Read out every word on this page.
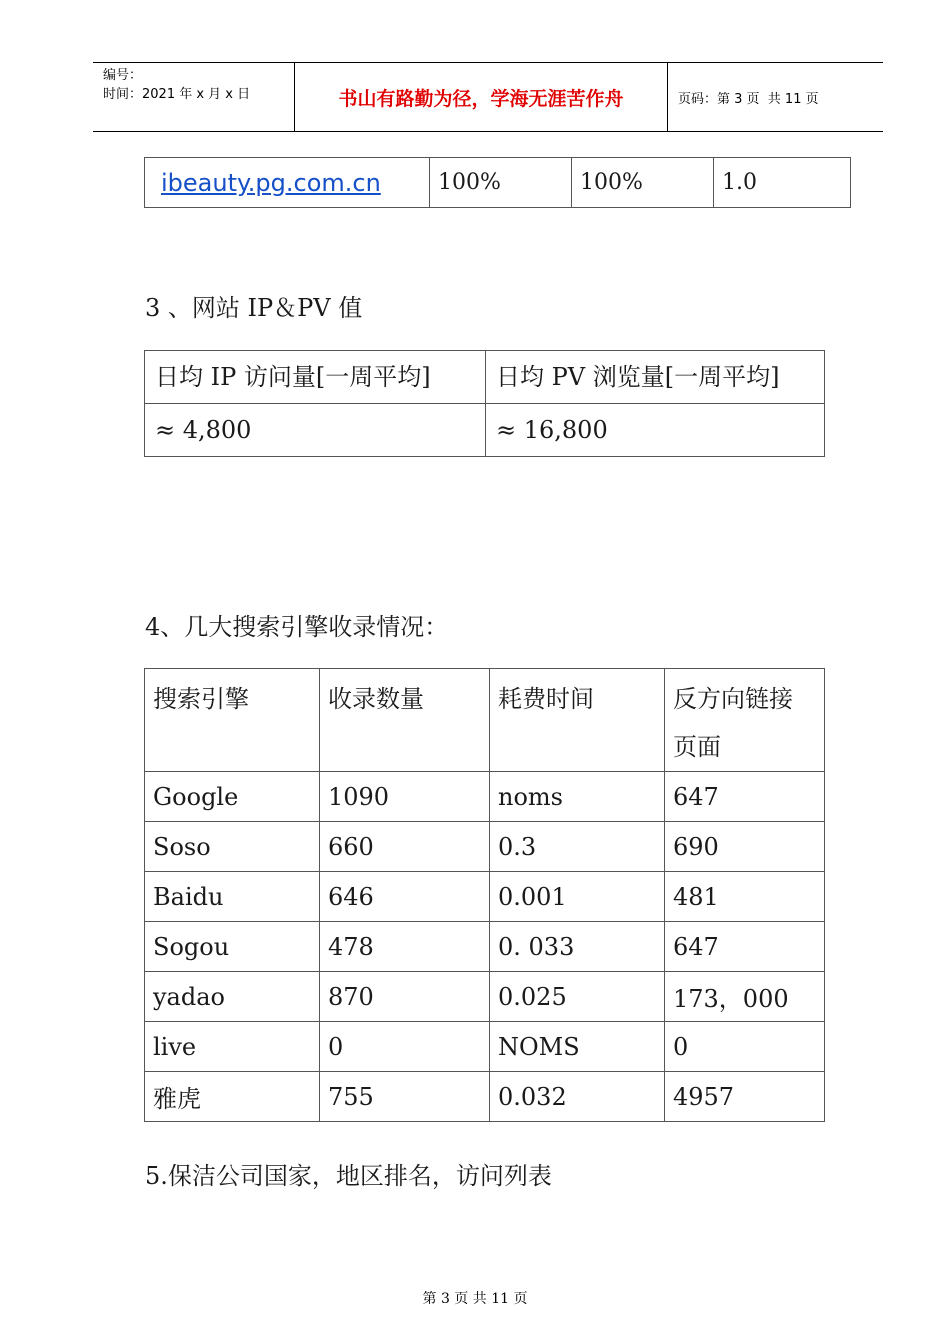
编号：
时间：2021 年 x 月 x 日	书山有路勤为径，学海无涯苦作舟	页码：第 3 页  共 11 页
ibeauty.pg.com.cn	100%	100%	1.0
3 、网站 IP＆PV 值
日均 IP 访问量[一周平均]	日均 PV 浏览量[一周平均]
≈ 4,800	≈ 16,800
4、几大搜索引擎收录情况：
搜索引擎	收录数量	耗费时间	反方向链接页面
Google	1090	noms	647
Soso	660	0.3	690
Baidu	646	0.001	481
Sogou	478	0. 033	647
yadao	870	0.025	173，000
live	0	NOMS	0
雅虎	755	0.032	4957
5.保洁公司国家，地区排名，访问列表
第 3 页 共 11 页
